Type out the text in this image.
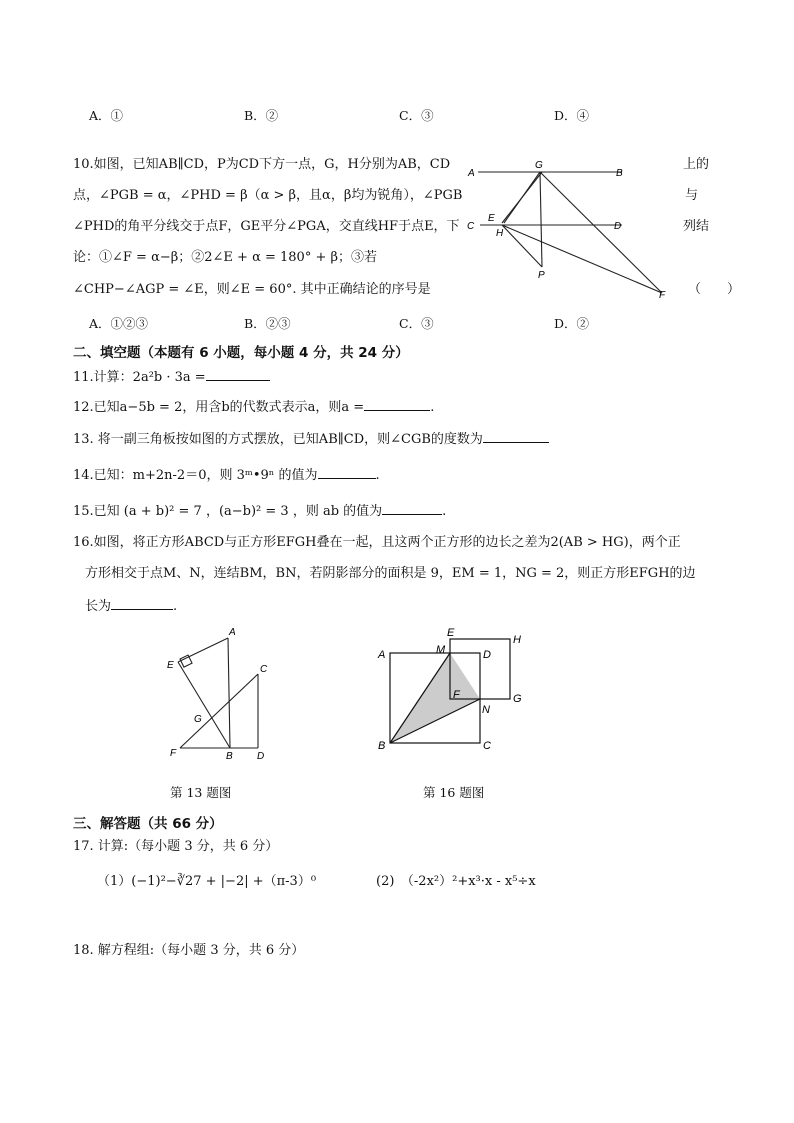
A．①	B．②	C．③	D．④
10.如图，已知AB∥CD，P为CD下方一点，G，H分别为AB，CD	上的
点，∠PGB = α，∠PHD = β（α > β，且α，β均为锐角），∠PGB	与
∠PHD的角平分线交于点F，GE平分∠PGA，交直线HF于点E，下	列结
论：①∠F = α−β；②2∠E + α = 180° + β；③若
∠CHP−∠AGP = ∠E，则∠E = 60°. 其中正确结论的序号是	（　　）
A
G
B
E
C
H
D
P
F
A．①②③	B．②③	C．③	D．②
二、填空题（本题有 6 小题，每小题 4 分，共 24 分）
11.计算：2a²b · 3a =
12.已知a−5b = 2，用含b的代数式表示a，则a =	.
13. 将一副三角板按如图的方式摆放，已知AB∥CD，则∠CGB的度数为
14.已知：m+2n-2＝0，则 3ᵐ•9ⁿ 的值为	.
15.已知 (a + b)² = 7 ，(a−b)² = 3 ，则 ab 的值为	.
16.如图，将正方形ABCD与正方形EFGH叠在一起，且这两个正方形的边长之差为2(AB > HG)，两个正
方形相交于点M、N，连结BM，BN，若阴影部分的面积是 9，EM = 1，NG = 2，则正方形EFGH的边
长为	.
A
E	C
G
F	B D
第 13 题图
E
H
A	M	D
F	G
N
B	C
第 16 题图
三、解答题（共 66 分）
17. 计算:（每小题 3 分，共 6 分）
（1）(−1)²−∛27 + |−2| +（π-3）⁰	(2)　（-2x²）²+x³·x - x⁵÷x
18. 解方程组:（每小题 3 分，共 6 分）
